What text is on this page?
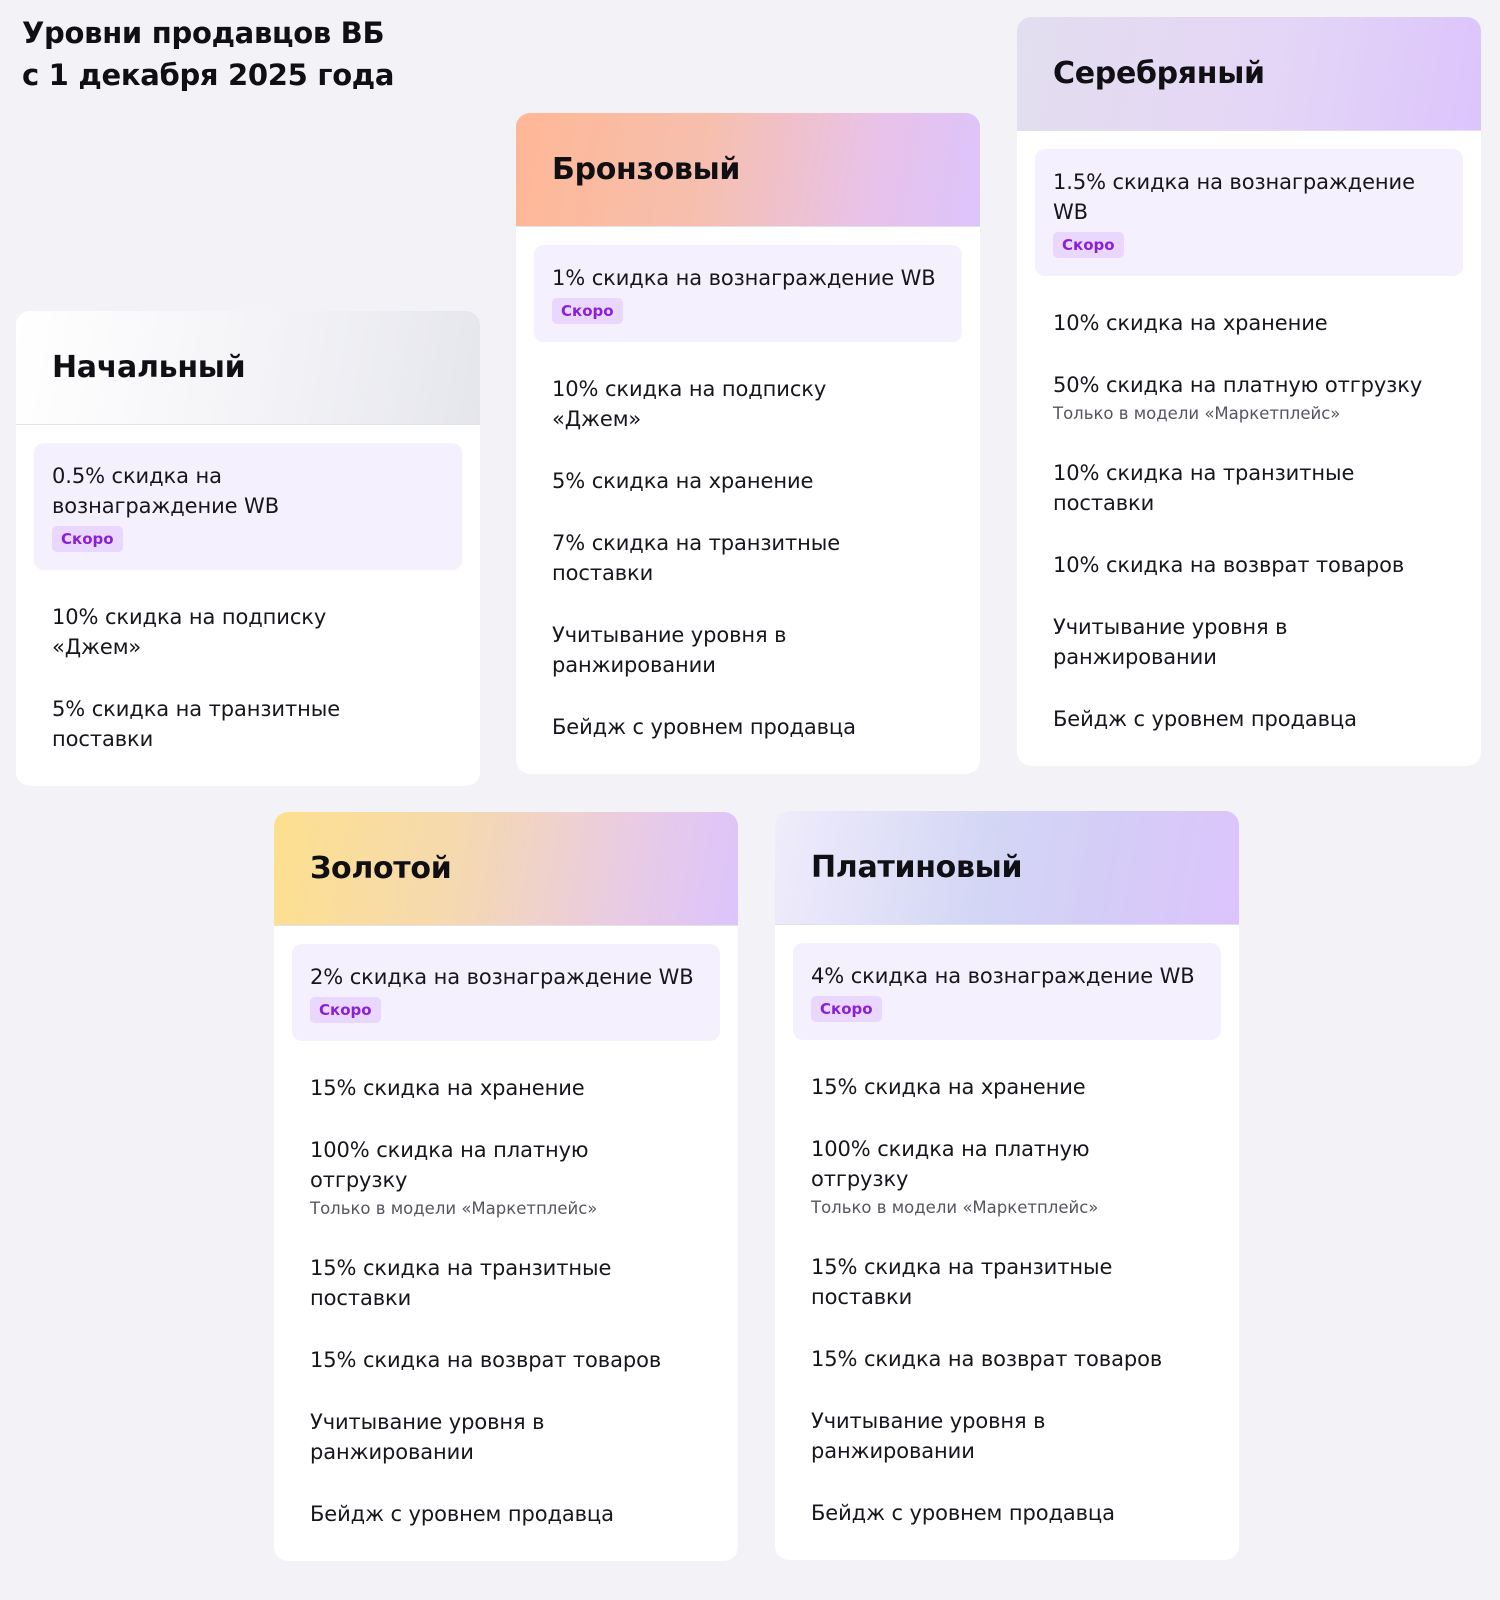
Уровни продавцов ВБ
с 1 декабря 2025 года
Начальный
0.5% скидка на вознаграждение WB
Скоро
10% скидка на подписку «Джем»
5% скидка на транзитные поставки
Бронзовый
1% скидка на вознаграждение WB
Скоро
10% скидка на подписку «Джем»
5% скидка на хранение
7% скидка на транзитные поставки
Учитывание уровня в ранжировании
Бейдж с уровнем продавца
Серебряный
1.5% скидка на вознаграждение WB
Скоро
10% скидка на хранение
50% скидка на платную отгрузку
Только в модели «Маркетплейс»
10% скидка на транзитные поставки
10% скидка на возврат товаров
Учитывание уровня в ранжировании
Бейдж с уровнем продавца
Золотой
2% скидка на вознаграждение WB
Скоро
15% скидка на хранение
100% скидка на платную отгрузку
Только в модели «Маркетплейс»
15% скидка на транзитные поставки
15% скидка на возврат товаров
Учитывание уровня в ранжировании
Бейдж с уровнем продавца
Платиновый
4% скидка на вознаграждение WB
Скоро
15% скидка на хранение
100% скидка на платную отгрузку
Только в модели «Маркетплейс»
15% скидка на транзитные поставки
15% скидка на возврат товаров
Учитывание уровня в ранжировании
Бейдж с уровнем продавца
